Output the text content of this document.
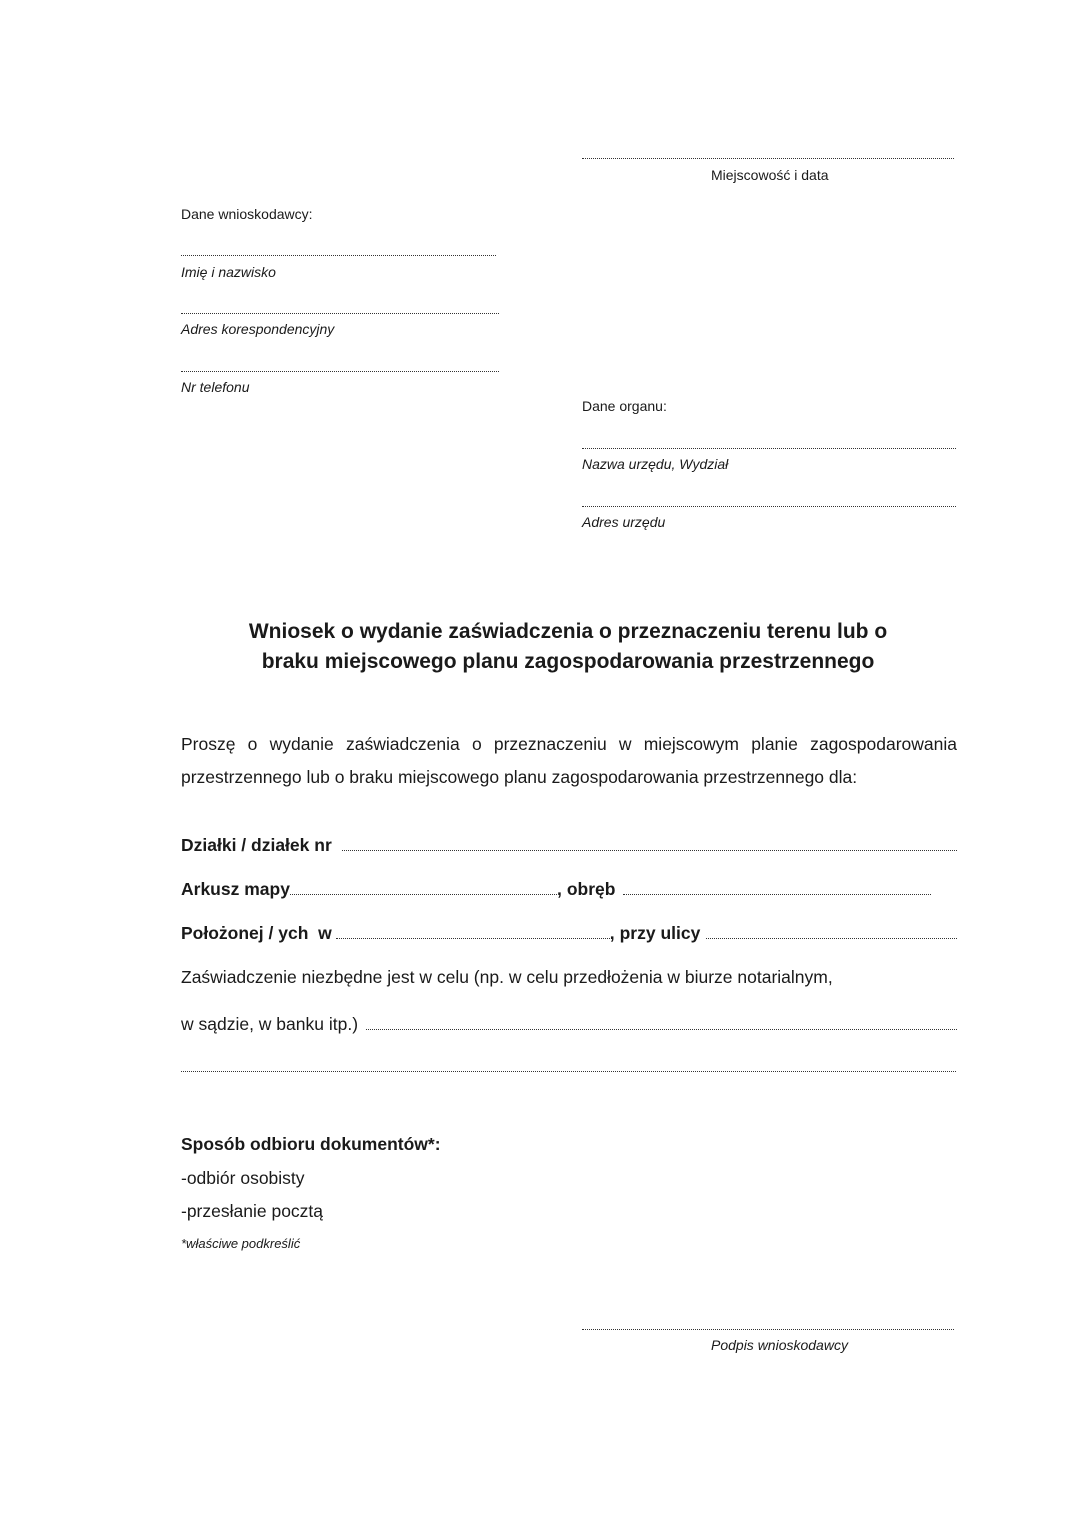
Miejscowość i data
Dane wnioskodawcy:
Imię i nazwisko
Adres korespondencyjny
Nr telefonu
Dane organu:
Nazwa urzędu, Wydział
Adres urzędu
Wniosek o wydanie zaświadczenia o przeznaczeniu terenu lub o
braku miejscowego planu zagospodarowania przestrzennego
Proszę o wydanie zaświadczenia o przeznaczeniu w miejscowym planie zagospodarowania przestrzennego lub o braku miejscowego planu zagospodarowania przestrzennego dla:
Działki / działek nr
Arkusz mapy	, obręb
Położonej / ych  w	, przy ulicy
Zaświadczenie niezbędne jest w celu (np. w celu przedłożenia w biurze notarialnym,
w sądzie, w banku itp.)
Sposób odbioru dokumentów*:
-odbiór osobisty
-przesłanie pocztą
*właściwe podkreślić
Podpis wnioskodawcy
